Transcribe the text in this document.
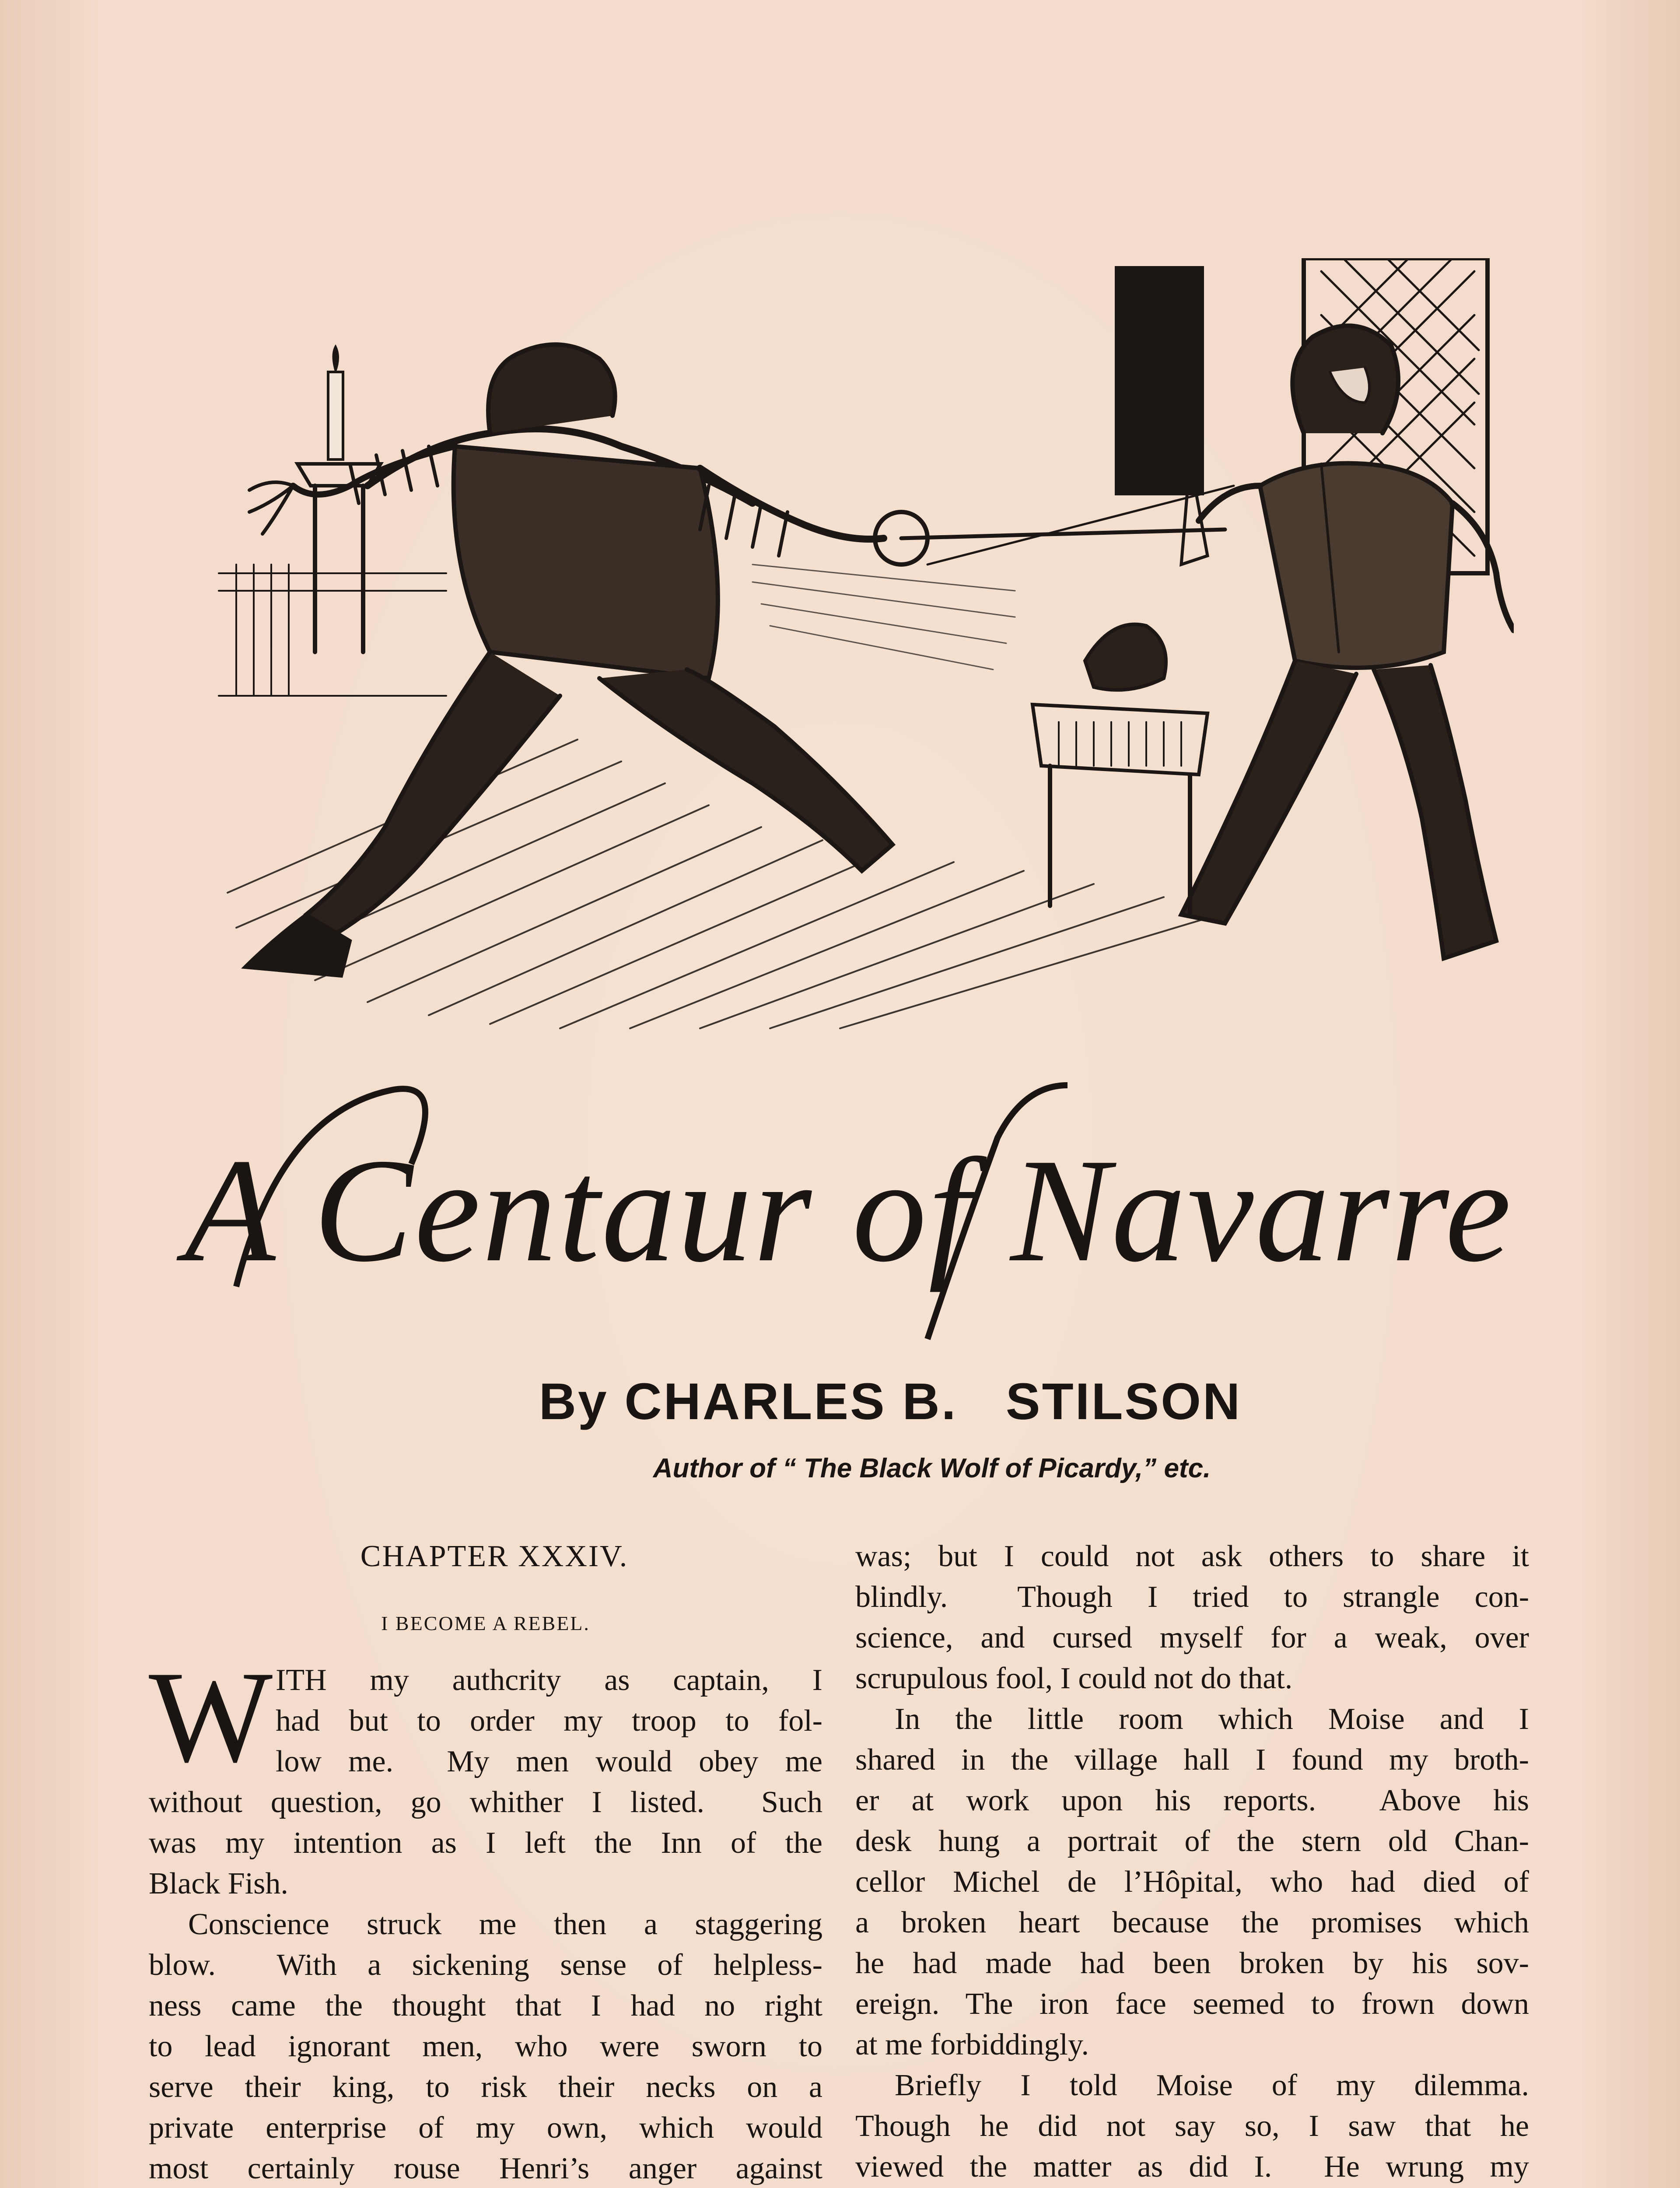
A Centaur of Navarre
By CHARLES B.   STILSON
Author of “ The Black Wolf of Picardy,” etc.
CHAPTER XXXIV.
I BECOME A REBEL.
W ITH my authcrity as captain, I
had but to order my troop to fol-
low me.  My men would obey me
without question, go whither I listed.  Such
was my intention as I left the Inn of the
Black Fish.
Conscience struck me then a staggering
blow.  With a sickening sense of helpless-
ness came the thought that I had no right
to lead ignorant men, who were sworn to
serve their king, to risk their necks on a
private enterprise of my own, which would
most certainly rouse Henri’s anger against
was; but I could not ask others to share it
blindly.  Though I tried to strangle con-
science, and cursed myself for a weak, over
scrupulous fool, I could not do that.
In the little room which Moise and I
shared in the village hall I found my broth-
er at work upon his reports.  Above his
desk hung a portrait of the stern old Chan-
cellor Michel de l’Hôpital, who had died of
a broken heart because the promises which
he had made had been broken by his sov-
ereign. The iron face seemed to frown down
at me forbiddingly.
Briefly I told Moise of my dilemma.
Though he did not say so, I saw that he
viewed the matter as did I.  He wrung my
